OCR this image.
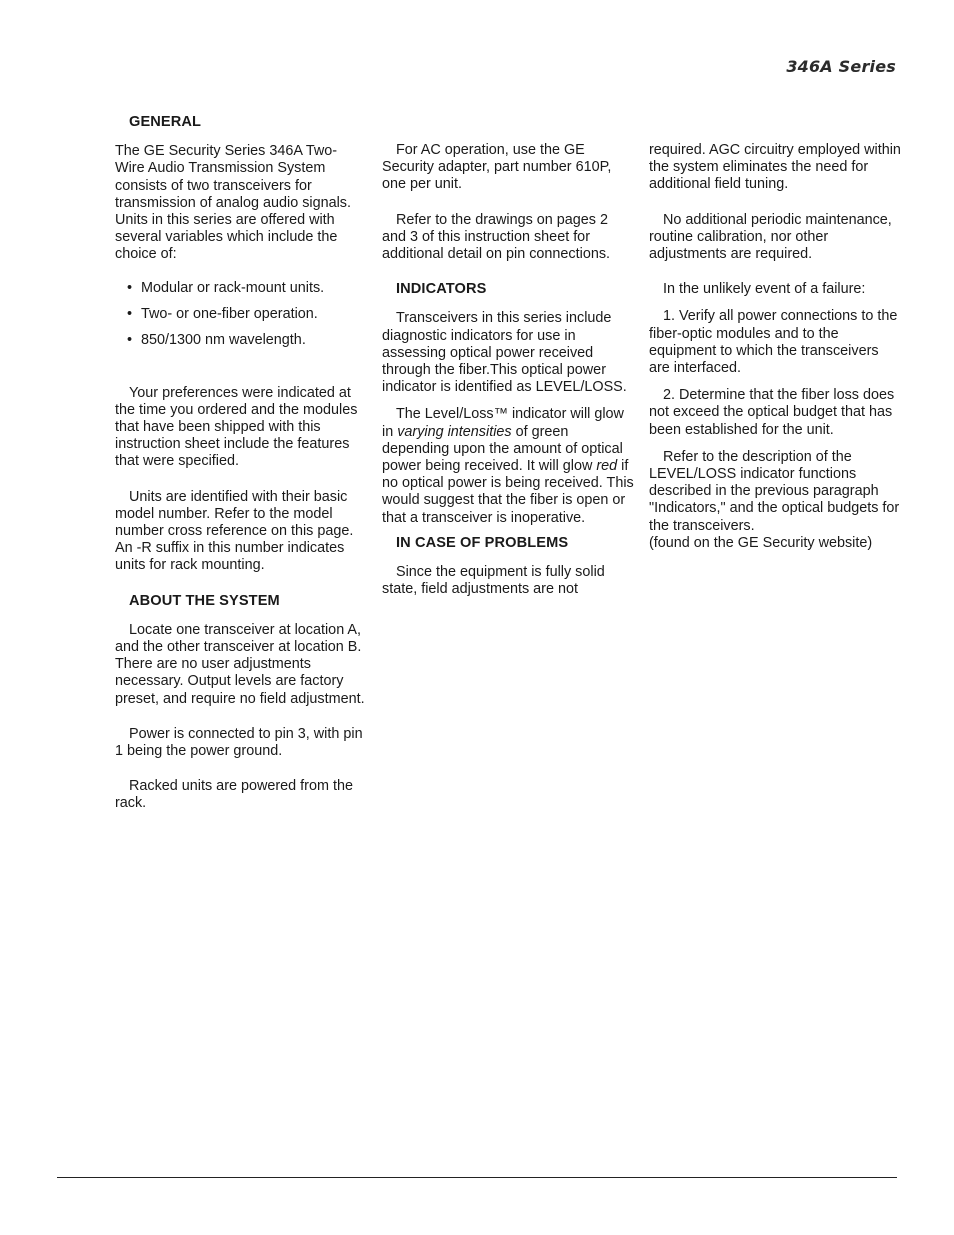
346A Series
GENERAL

The GE Security Series 346A Two-Wire Audio Transmission System consists of two transceivers for transmission of analog audio signals. Units in this series are offered with several variables which include the choice of:

• Modular or rack-mount units.
• Two- or one-fiber operation.
• 850/1300 nm wavelength.

Your preferences were indicated at the time you ordered and the modules that have been shipped with this instruction sheet include the features that were specified.

Units are identified with their basic model number. Refer to the model number cross reference on this page. An -R suffix in this number indicates units for rack mounting.

ABOUT THE SYSTEM

Locate one transceiver at location A, and the other transceiver at location B. There are no user adjustments necessary. Output levels are factory preset, and require no field adjustment.

Power is connected to pin 3, with pin 1 being the power ground.

Racked units are powered from the rack.

For AC operation, use the GE Security adapter, part number 610P, one per unit.

Refer to the drawings on pages 2 and 3 of this instruction sheet for additional detail on pin connections.

INDICATORS

Transceivers in this series include diagnostic indicators for use in assessing optical power received through the fiber.This optical power indicator is identified as LEVEL/LOSS.

The Level/Loss™ indicator will glow in varying intensities of green depending upon the amount of optical power being received. It will glow red if no optical power is being received. This would suggest that the fiber is open or that a transceiver is inoperative.

IN CASE OF PROBLEMS

Since the equipment is fully solid state, field adjustments are not

required. AGC circuitry employed within the system eliminates the need for additional field tuning.

No additional periodic maintenance, routine calibration, nor other adjustments are required.

In the unlikely event of a failure:

1. Verify all power connections to the fiber-optic modules and to the equipment to which the transceivers are interfaced.

2. Determine that the fiber loss does not exceed the optical budget that has been established for the unit.

Refer to the description of the LEVEL/LOSS indicator functions described in the previous paragraph "Indicators," and the optical budgets for the transceivers.

(found on the GE Security website)
